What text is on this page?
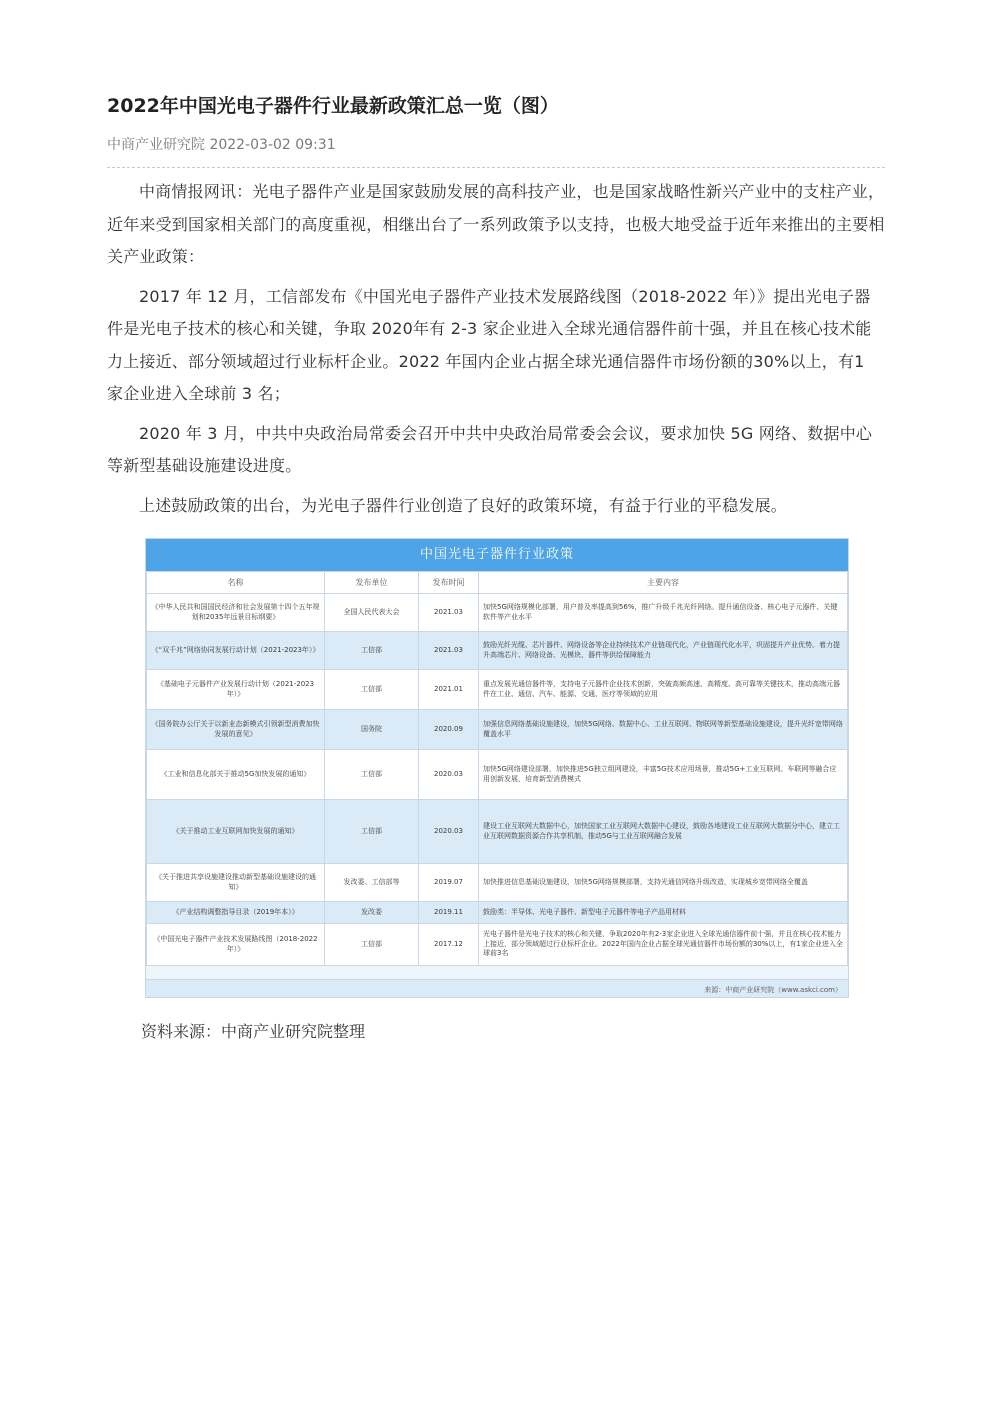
2022年中国光电子器件行业最新政策汇总一览（图）
中商产业研究院 2022-03-02 09:31

中商情报网讯：光电子器件产业是国家鼓励发展的高科技产业，也是国家战略性新兴产业中的支柱产业，近年来受到国家相关部门的高度重视，相继出台了一系列政策予以支持，也极大地受益于近年来推出的主要相关产业政策：

2017 年 12 月，工信部发布《中国光电子器件产业技术发展路线图（2018-2022 年）》提出光电子器件是光电子技术的核心和关键，争取 2020年有 2-3 家企业进入全球光通信器件前十强，并且在核心技术能力上接近、部分领域超过行业标杆企业。2022 年国内企业占据全球光通信器件市场份额的30%以上，有1 家企业进入全球前 3 名；

2020 年 3 月，中共中央政治局常委会召开中共中央政治局常委会会议，要求加快 5G 网络、数据中心等新型基础设施建设进度。

上述鼓励政策的出台，为光电子器件行业创造了良好的政策环境，有益于行业的平稳发展。

中国光电子器件行业政策
名称	发布单位	发布时间	主要内容
《中华人民共和国国民经济和社会发展第十四个五年规划和2035年远景目标纲要》	全国人民代表大会	2021.03	加快5G网络规模化部署，用户普及率提高到56%，推广升级千兆光纤网络。提升通信设备、核心电子元器件、关键软件等产业水平
《“双千兆”网络协同发展行动计划（2021-2023年）》	工信部	2021.03	鼓励光纤光缆、芯片器件、网络设备等企业持续技术产业链现代化，产业链现代化水平，巩固提升产业优势。着力提升高端芯片、网络设备、光模块、器件等供给保障能力
《基础电子元器件产业发展行动计划（2021-2023年）》	工信部	2021.01	重点发展光通信器件等，支持电子元器件企业技术创新，突破高频高速、高精度、高可靠等关键技术，推动高端元器件在工业、通信、汽车、能源、交通、医疗等领域的应用
《国务院办公厅关于以新业态新模式引领新型消费加快发展的意见》	国务院	2020.09	加强信息网络基础设施建设，加快5G网络、数据中心、工业互联网、物联网等新型基础设施建设，提升光纤宽带网络覆盖水平
《工业和信息化部关于推动5G加快发展的通知》	工信部	2020.03	加快5G网络建设部署，加快推进5G独立组网建设，丰富5G技术应用场景，推动5G+工业互联网、车联网等融合应用创新发展，培育新型消费模式
《关于推动工业互联网加快发展的通知》	工信部	2020.03	建设工业互联网大数据中心，加快国家工业互联网大数据中心建设，鼓励各地建设工业互联网大数据分中心，建立工业互联网数据资源合作共享机制，推动5G与工业互联网融合发展
《关于推进共享设施建设推动新型基础设施建设的通知》	发改委、工信部等	2019.07	加快推进信息基础设施建设，加快5G网络规模部署，支持光通信网络升级改造，实现城乡宽带网络全覆盖
《产业结构调整指导目录（2019年本）》	发改委	2019.11	鼓励类：半导体、光电子器件、新型电子元器件等电子产品用材料
《中国光电子器件产业技术发展路线图（2018-2022年）》	工信部	2017.12	光电子器件是光电子技术的核心和关键，争取2020年有2-3家企业进入全球光通信器件前十强，并且在核心技术能力上接近，部分领域超过行业标杆企业。2022年国内企业占据全球光通信器件市场份额的30%以上，有1家企业进入全球前3名
来源：中商产业研究院（www.askci.com）
资料来源：中商产业研究院整理
